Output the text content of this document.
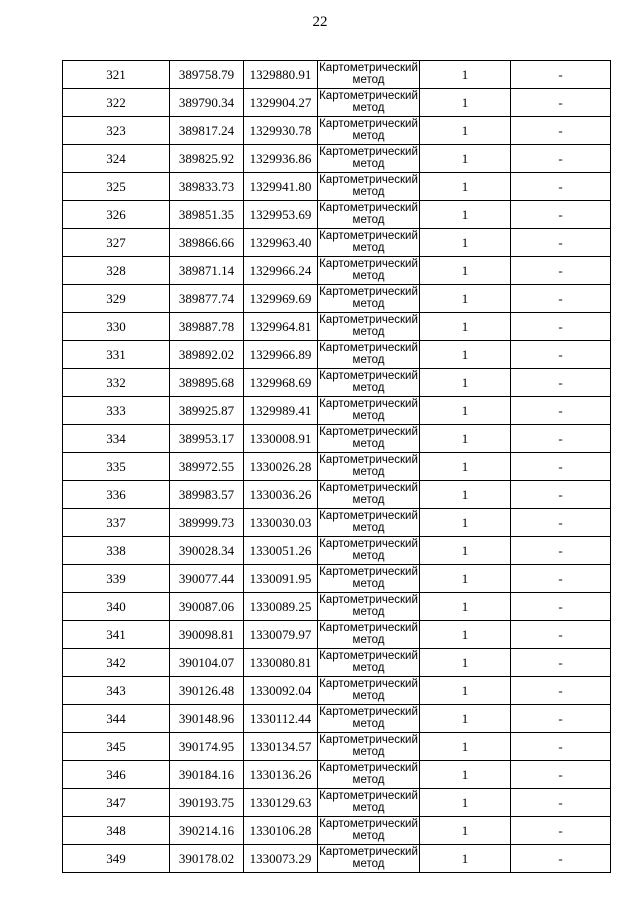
22
321	389758.79	1329880.91	Картометрический метод	1	-
322	389790.34	1329904.27	Картометрический метод	1	-
323	389817.24	1329930.78	Картометрический метод	1	-
324	389825.92	1329936.86	Картометрический метод	1	-
325	389833.73	1329941.80	Картометрический метод	1	-
326	389851.35	1329953.69	Картометрический метод	1	-
327	389866.66	1329963.40	Картометрический метод	1	-
328	389871.14	1329966.24	Картометрический метод	1	-
329	389877.74	1329969.69	Картометрический метод	1	-
330	389887.78	1329964.81	Картометрический метод	1	-
331	389892.02	1329966.89	Картометрический метод	1	-
332	389895.68	1329968.69	Картометрический метод	1	-
333	389925.87	1329989.41	Картометрический метод	1	-
334	389953.17	1330008.91	Картометрический метод	1	-
335	389972.55	1330026.28	Картометрический метод	1	-
336	389983.57	1330036.26	Картометрический метод	1	-
337	389999.73	1330030.03	Картометрический метод	1	-
338	390028.34	1330051.26	Картометрический метод	1	-
339	390077.44	1330091.95	Картометрический метод	1	-
340	390087.06	1330089.25	Картометрический метод	1	-
341	390098.81	1330079.97	Картометрический метод	1	-
342	390104.07	1330080.81	Картометрический метод	1	-
343	390126.48	1330092.04	Картометрический метод	1	-
344	390148.96	1330112.44	Картометрический метод	1	-
345	390174.95	1330134.57	Картометрический метод	1	-
346	390184.16	1330136.26	Картометрический метод	1	-
347	390193.75	1330129.63	Картометрический метод	1	-
348	390214.16	1330106.28	Картометрический метод	1	-
349	390178.02	1330073.29	Картометрический метод	1	-
